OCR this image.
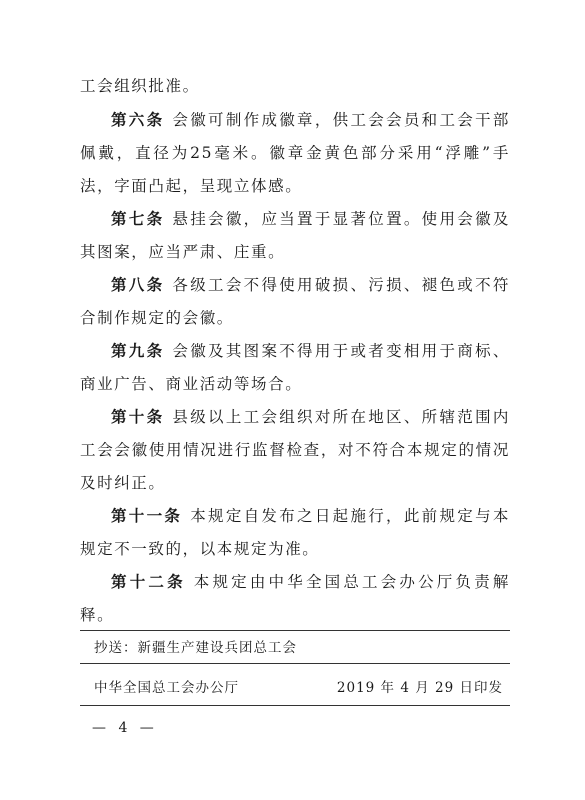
工会组织批准。

第六条 会徽可制作成徽章，供工会会员和工会干部佩戴，直径为25毫米。徽章金黄色部分采用“浮雕”手法，字面凸起，呈现立体感。

第七条 悬挂会徽，应当置于显著位置。使用会徽及其图案，应当严肃、庄重。

第八条 各级工会不得使用破损、污损、褪色或不符合制作规定的会徽。

第九条 会徽及其图案不得用于或者变相用于商标、商业广告、商业活动等场合。

第十条 县级以上工会组织对所在地区、所辖范围内工会会徽使用情况进行监督检查，对不符合本规定的情况及时纠正。

第十一条 本规定自发布之日起施行，此前规定与本规定不一致的，以本规定为准。

第十二条 本规定由中华全国总工会办公厅负责解释。

抄送：新疆生产建设兵团总工会
中华全国总工会办公厅	2019 年 4 月 29 日印发
— 4 —
